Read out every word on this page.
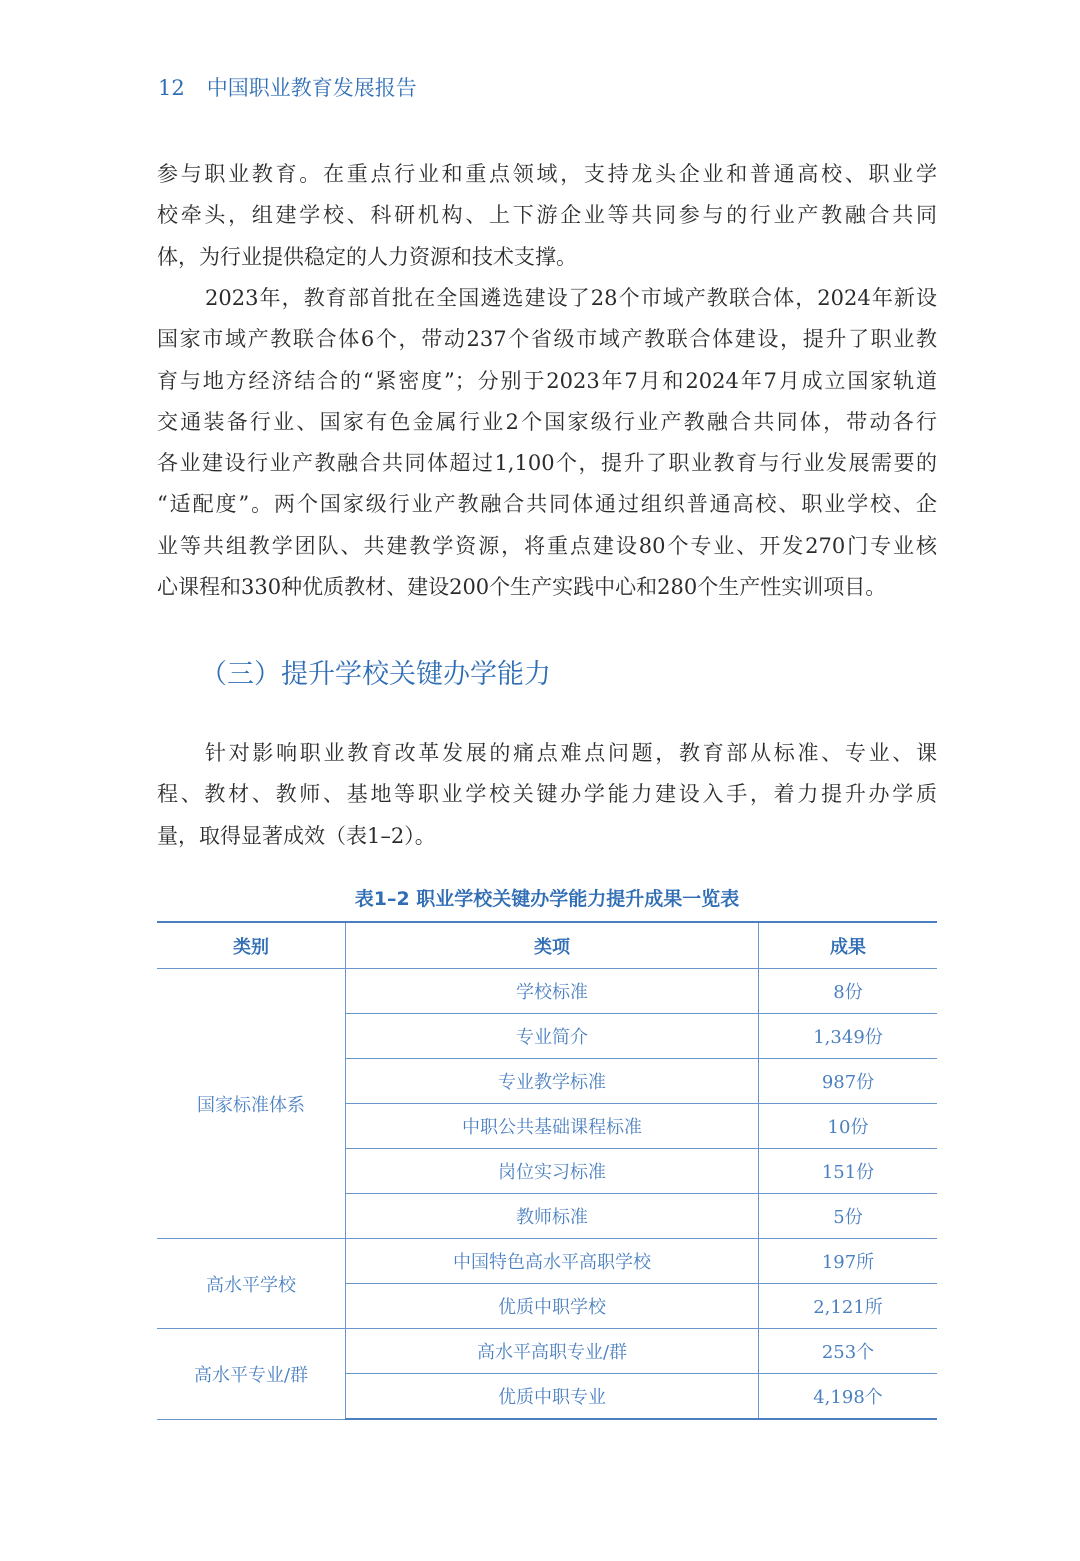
12 中国职业教育发展报告
参与职业教育。在重点行业和重点领域，支持龙头企业和普通高校、职业学
校牵头，组建学校、科研机构、上下游企业等共同参与的行业产教融合共同
体，为行业提供稳定的人力资源和技术支撑。
2023年，教育部首批在全国遴选建设了28个市域产教联合体，2024年新设
国家市域产教联合体6个，带动237个省级市域产教联合体建设，提升了职业教
育与地方经济结合的“紧密度”；分别于2023年7月和2024年7月成立国家轨道
交通装备行业、国家有色金属行业2个国家级行业产教融合共同体，带动各行
各业建设行业产教融合共同体超过1,100个，提升了职业教育与行业发展需要的
“适配度”。两个国家级行业产教融合共同体通过组织普通高校、职业学校、企
业等共组教学团队、共建教学资源，将重点建设80个专业、开发270门专业核
心课程和330种优质教材、建设200个生产实践中心和280个生产性实训项目。
（三）提升学校关键办学能力
针对影响职业教育改革发展的痛点难点问题，教育部从标准、专业、课
程、教材、教师、基地等职业学校关键办学能力建设入手，着力提升办学质
量，取得显著成效（表1–2）。
表1–2 职业学校关键办学能力提升成果一览表
类别	类项	成果
国家标准体系	学校标准	8份
	专业简介	1,349份
	专业教学标准	987份
	中职公共基础课程标准	10份
	岗位实习标准	151份
	教师标准	5份
高水平学校	中国特色高水平高职学校	197所
	优质中职学校	2,121所
高水平专业/群	高水平高职专业/群	253个
	优质中职专业	4,198个
